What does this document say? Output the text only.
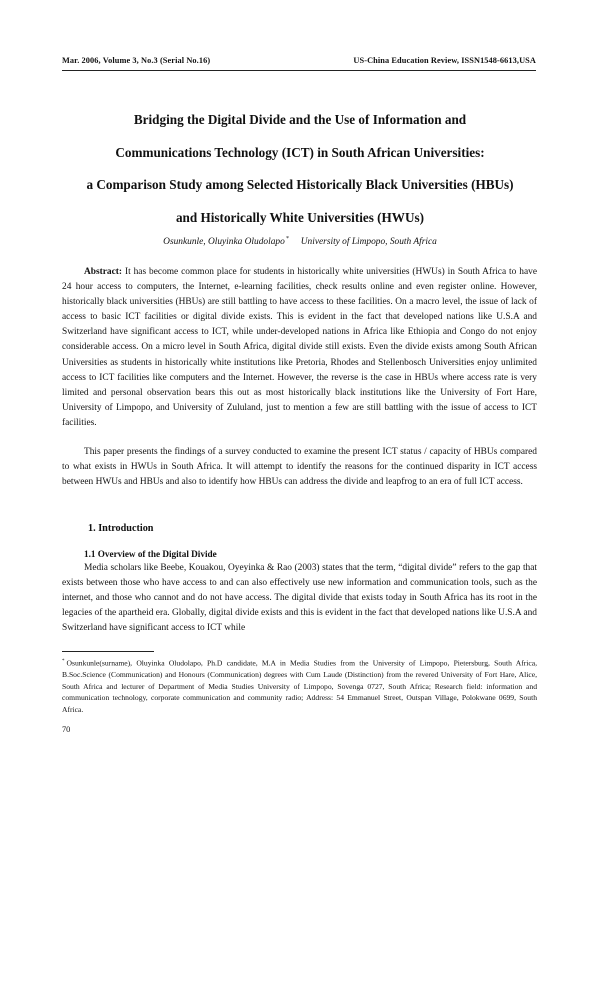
Mar. 2006, Volume 3, No.3 (Serial No.16)	US-China Education Review, ISSN1548-6613,USA
Bridging the Digital Divide and the Use of Information and
Communications Technology (ICT) in South African Universities:
a Comparison Study among Selected Historically Black Universities (HBUs)
and Historically White Universities (HWUs)
Osunkunle, Oluyinka Oludolapo* University of Limpopo, South Africa

Abstract: It has become common place for students in historically white universities (HWUs) in South Africa to have 24 hour access to computers, the Internet, e-learning facilities, check results online and even register online. However, historically black universities (HBUs) are still battling to have access to these facilities. On a macro level, the issue of lack of access to basic ICT facilities or digital divide exists. This is evident in the fact that developed nations like U.S.A and Switzerland have significant access to ICT, while under-developed nations in Africa like Ethiopia and Congo do not enjoy considerable access. On a micro level in South Africa, digital divide still exists. Even the divide exists among South African Universities as students in historically white institutions like Pretoria, Rhodes and Stellenbosch Universities enjoy unlimited access to ICT facilities like computers and the Internet. However, the reverse is the case in HBUs where access rate is very limited and personal observation bears this out as most historically black institutions like the University of Fort Hare, University of Limpopo, and University of Zululand, just to mention a few are still battling with the issue of access to ICT facilities.

This paper presents the findings of a survey conducted to examine the present ICT status / capacity of HBUs compared to what exists in HWUs in South Africa. It will attempt to identify the reasons for the continued disparity in ICT access between HWUs and HBUs and also to identify how HBUs can address the divide and leapfrog to an era of full ICT access.

1. Introduction
1.1 Overview of the Digital Divide

Media scholars like Beebe, Kouakou, Oyeyinka & Rao (2003) states that the term, “digital divide” refers to the gap that exists between those who have access to and can also effectively use new information and communication tools, such as the internet, and those who cannot and do not have access. The digital divide that exists today in South Africa has its root in the legacies of the apartheid era. Globally, digital divide exists and this is evident in the fact that developed nations like U.S.A and Switzerland have significant access to ICT while

* Osunkunle(surname), Oluyinka Oludolapo, Ph.D candidate, M.A in Media Studies from the University of Limpopo, Pietersburg, South Africa, B.Soc.Science (Communication) and Honours (Communication) degrees with Cum Laude (Distinction) from the revered University of Fort Hare, Alice, South Africa and lecturer of Department of Media Studies University of Limpopo, Sovenga 0727, South Africa; Research field: information and communication technology, corporate communication and community radio; Address: 54 Emmanuel Street, Outspan Village, Polokwane 0699, South Africa.
70
